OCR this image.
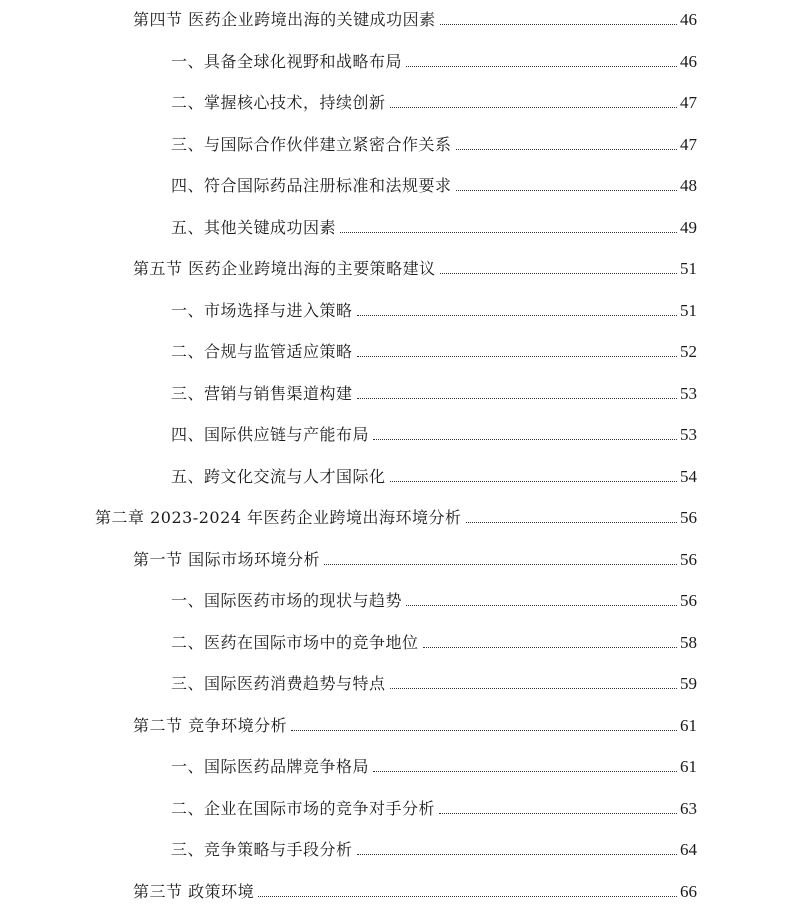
第四节 医药企业跨境出海的关键成功因素	46
一、具备全球化视野和战略布局	46
二、掌握核心技术，持续创新	47
三、与国际合作伙伴建立紧密合作关系	47
四、符合国际药品注册标准和法规要求	48
五、其他关键成功因素	49
第五节 医药企业跨境出海的主要策略建议	51
一、市场选择与进入策略	51
二、合规与监管适应策略	52
三、营销与销售渠道构建	53
四、国际供应链与产能布局	53
五、跨文化交流与人才国际化	54
第二章 2023-2024 年医药企业跨境出海环境分析	56
第一节 国际市场环境分析	56
一、国际医药市场的现状与趋势	56
二、医药在国际市场中的竞争地位	58
三、国际医药消费趋势与特点	59
第二节 竞争环境分析	61
一、国际医药品牌竞争格局	61
二、企业在国际市场的竞争对手分析	63
三、竞争策略与手段分析	64
第三节 政策环境	66
